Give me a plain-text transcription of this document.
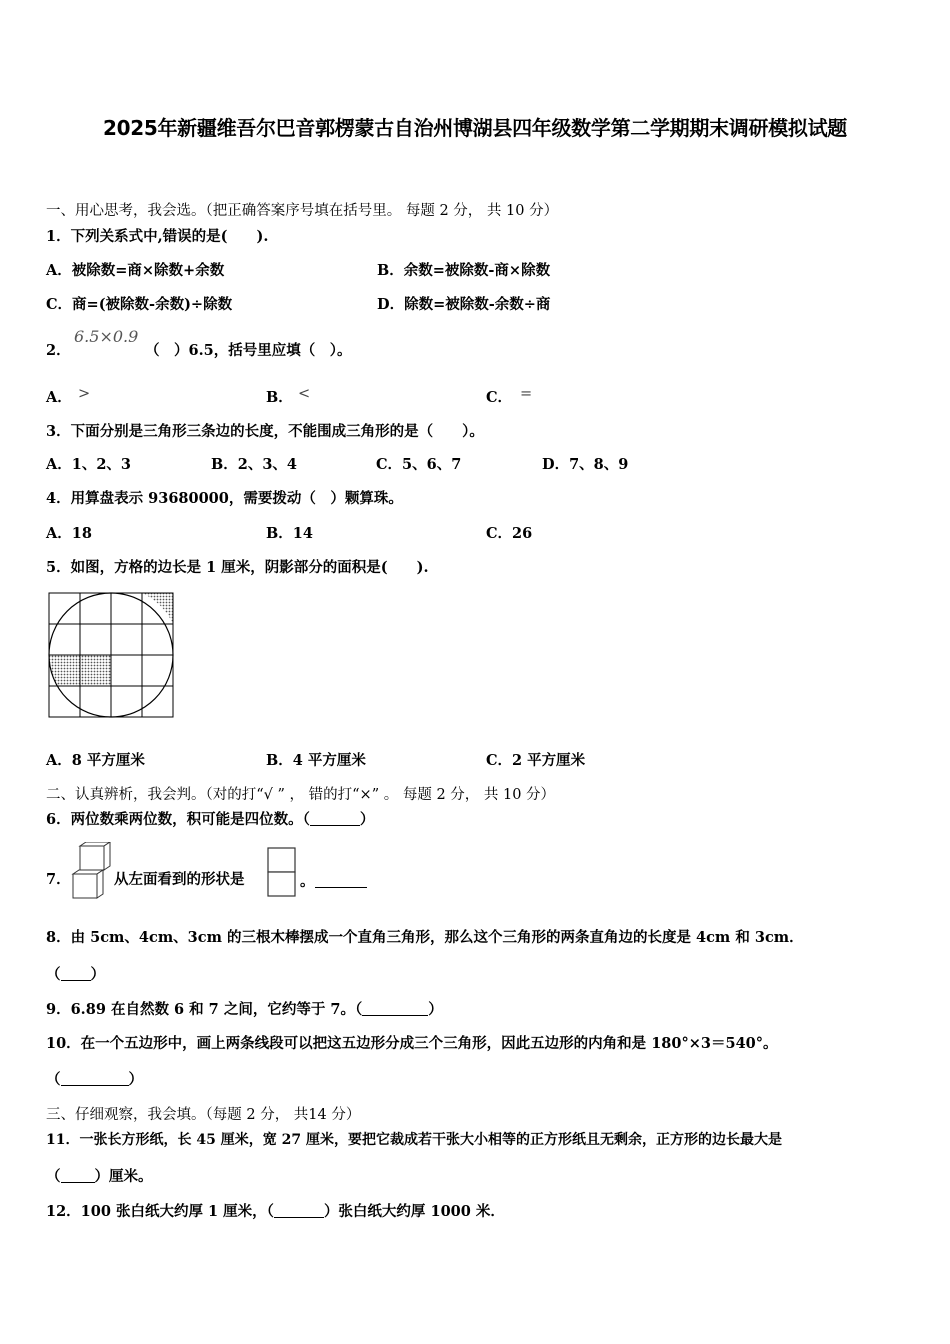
2025年新疆维吾尔巴音郭楞蒙古自治州博湖县四年级数学第二学期期末调研模拟试题
一、用心思考，我会选。（把正确答案序号填在括号里。 每题 2 分， 共 10 分）
1．下列关系式中,错误的是(　　).
A．被除数=商×除数+余数	B．余数=被除数-商×除数
C．商=(被除数-余数)÷除数	D．除数=被除数-余数÷商
2．
6.5×0.9
（　）6.5，括号里应填（　）。
A． >	B． <	C． =
3．下面分别是三角形三条边的长度，不能围成三角形的是（　　）。
A．1、2、3	B．2、3、4	C．5、6、7	D．7、8、9
4．用算盘表示 93680000，需要拨动（　）颗算珠。
A．18	B．14	C．26
5．如图，方格的边长是 1 厘米，阴影部分的面积是(　　).
A．8 平方厘米	B．4 平方厘米	C．2 平方厘米
二、认真辨析，我会判。（对的打“√ ” ， 错的打“×” 。 每题 2 分， 共 10 分）
6．两位数乘两位数，积可能是四位数。（	）
7．	从左面看到的形状是	。
8．由 5cm、4cm、3cm 的三根木棒摆成一个直角三角形，那么这个三角形的两条直角边的长度是 4cm 和 3cm．
（ ）
9．6.89 在自然数 6 和 7 之间，它约等于 7。（	）
10．在一个五边形中，画上两条线段可以把这五边形分成三个三角形，因此五边形的内角和是 180°×3＝540°。
（	）
三、仔细观察，我会填。（每题 2 分， 共14 分）
11．一张长方形纸，长 45 厘米，宽 27 厘米，要把它裁成若干张大小相等的正方形纸且无剩余，正方形的边长最大是
（ ）厘米。
12．100 张白纸大约厚 1 厘米，（	）张白纸大约厚 1000 米．
